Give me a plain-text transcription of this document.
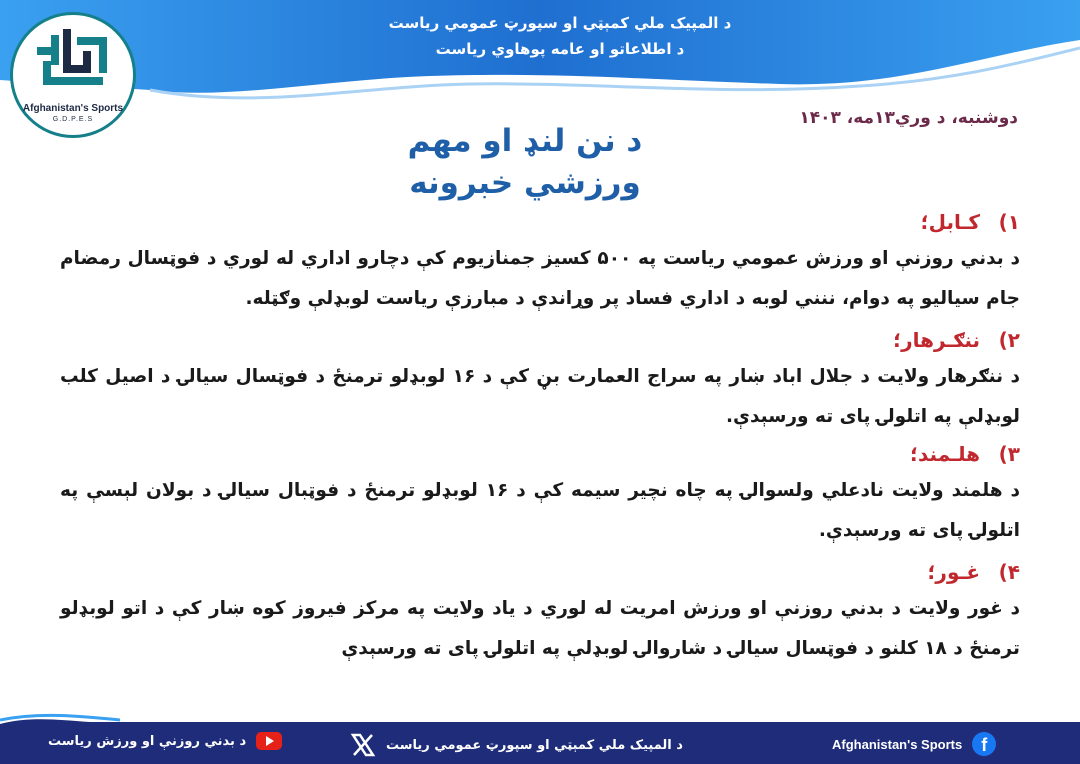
د المپیک ملي کمېټي او سپورټ عمومي ریاست
د اطلاعاتو او عامه پوهاوي ریاست
Afghanistan's Sports
G.D.P.E.S	دوشنبه، د وري۱۳مه، ۱۴۰۳
د نن لنډ او مهم
ورزشي خبرونه
۱)
کـابل؛
د بدني روزنې او ورزش عمومي ریاست په ۵۰۰ کسیز جمنازیوم کې دچارو اداري له لوري د فوټسال رمضام جام سیالیو په دوام، ننني لوبه د اداري فساد پر وړاندې د مبارزې ریاست لوبډلې وګټله.
۲)
ننګـرهار؛
د ننګرهار ولایت د جلال اباد ښار په سراج العمارت بڼ کې د ۱۶ لوبډلو ترمنځ د فوټسال سیالۍ د اصیل کلب لوبډلې په اتلولۍ پای ته ورسېدې.
۳)
هلـمند؛
د هلمند ولایت نادعلي ولسوالۍ په چاه نچیر سیمه کې د ۱۶ لوبډلو ترمنځ د فوټبال سیالۍ د بولان لېسې په اتلولۍ پای ته ورسېدې.
۴)
غـور؛
د غور ولایت د بدني روزنې او ورزش امریت له لوري د یاد ولایت په مرکز فیروز کوه ښار کې د اتو لوبډلو ترمنځ د ۱۸ کلنو د فوټسال سیالۍ د شاروالۍ لوبډلې په اتلولۍ پای ته ورسېدې
د بدني روزنې او ورزش ریاست	د المپیک ملي کمېټي او سپورټ عمومي ریاست	f
Afghanistan's Sports
